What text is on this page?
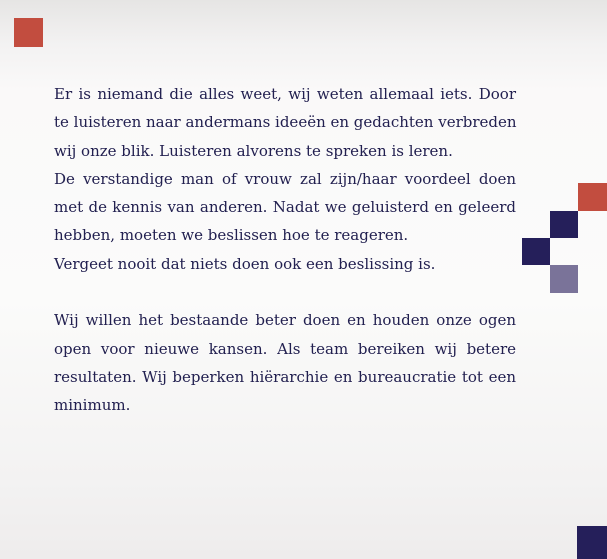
Er is niemand die alles weet, wij weten allemaal iets. Door
te luisteren naar andermans ideeën en gedachten verbreden
wij onze blik. Luisteren alvorens te spreken is leren.
De verstandige man of vrouw zal zijn/haar voordeel doen
met de kennis van anderen. Nadat we geluisterd en geleerd
hebben, moeten we beslissen hoe te reageren.
Vergeet nooit dat niets doen ook een beslissing is.
Wij willen het bestaande beter doen en houden onze ogen
open voor nieuwe kansen. Als team bereiken wij betere
resultaten. Wij beperken hiërarchie en bureaucratie tot een
minimum.
